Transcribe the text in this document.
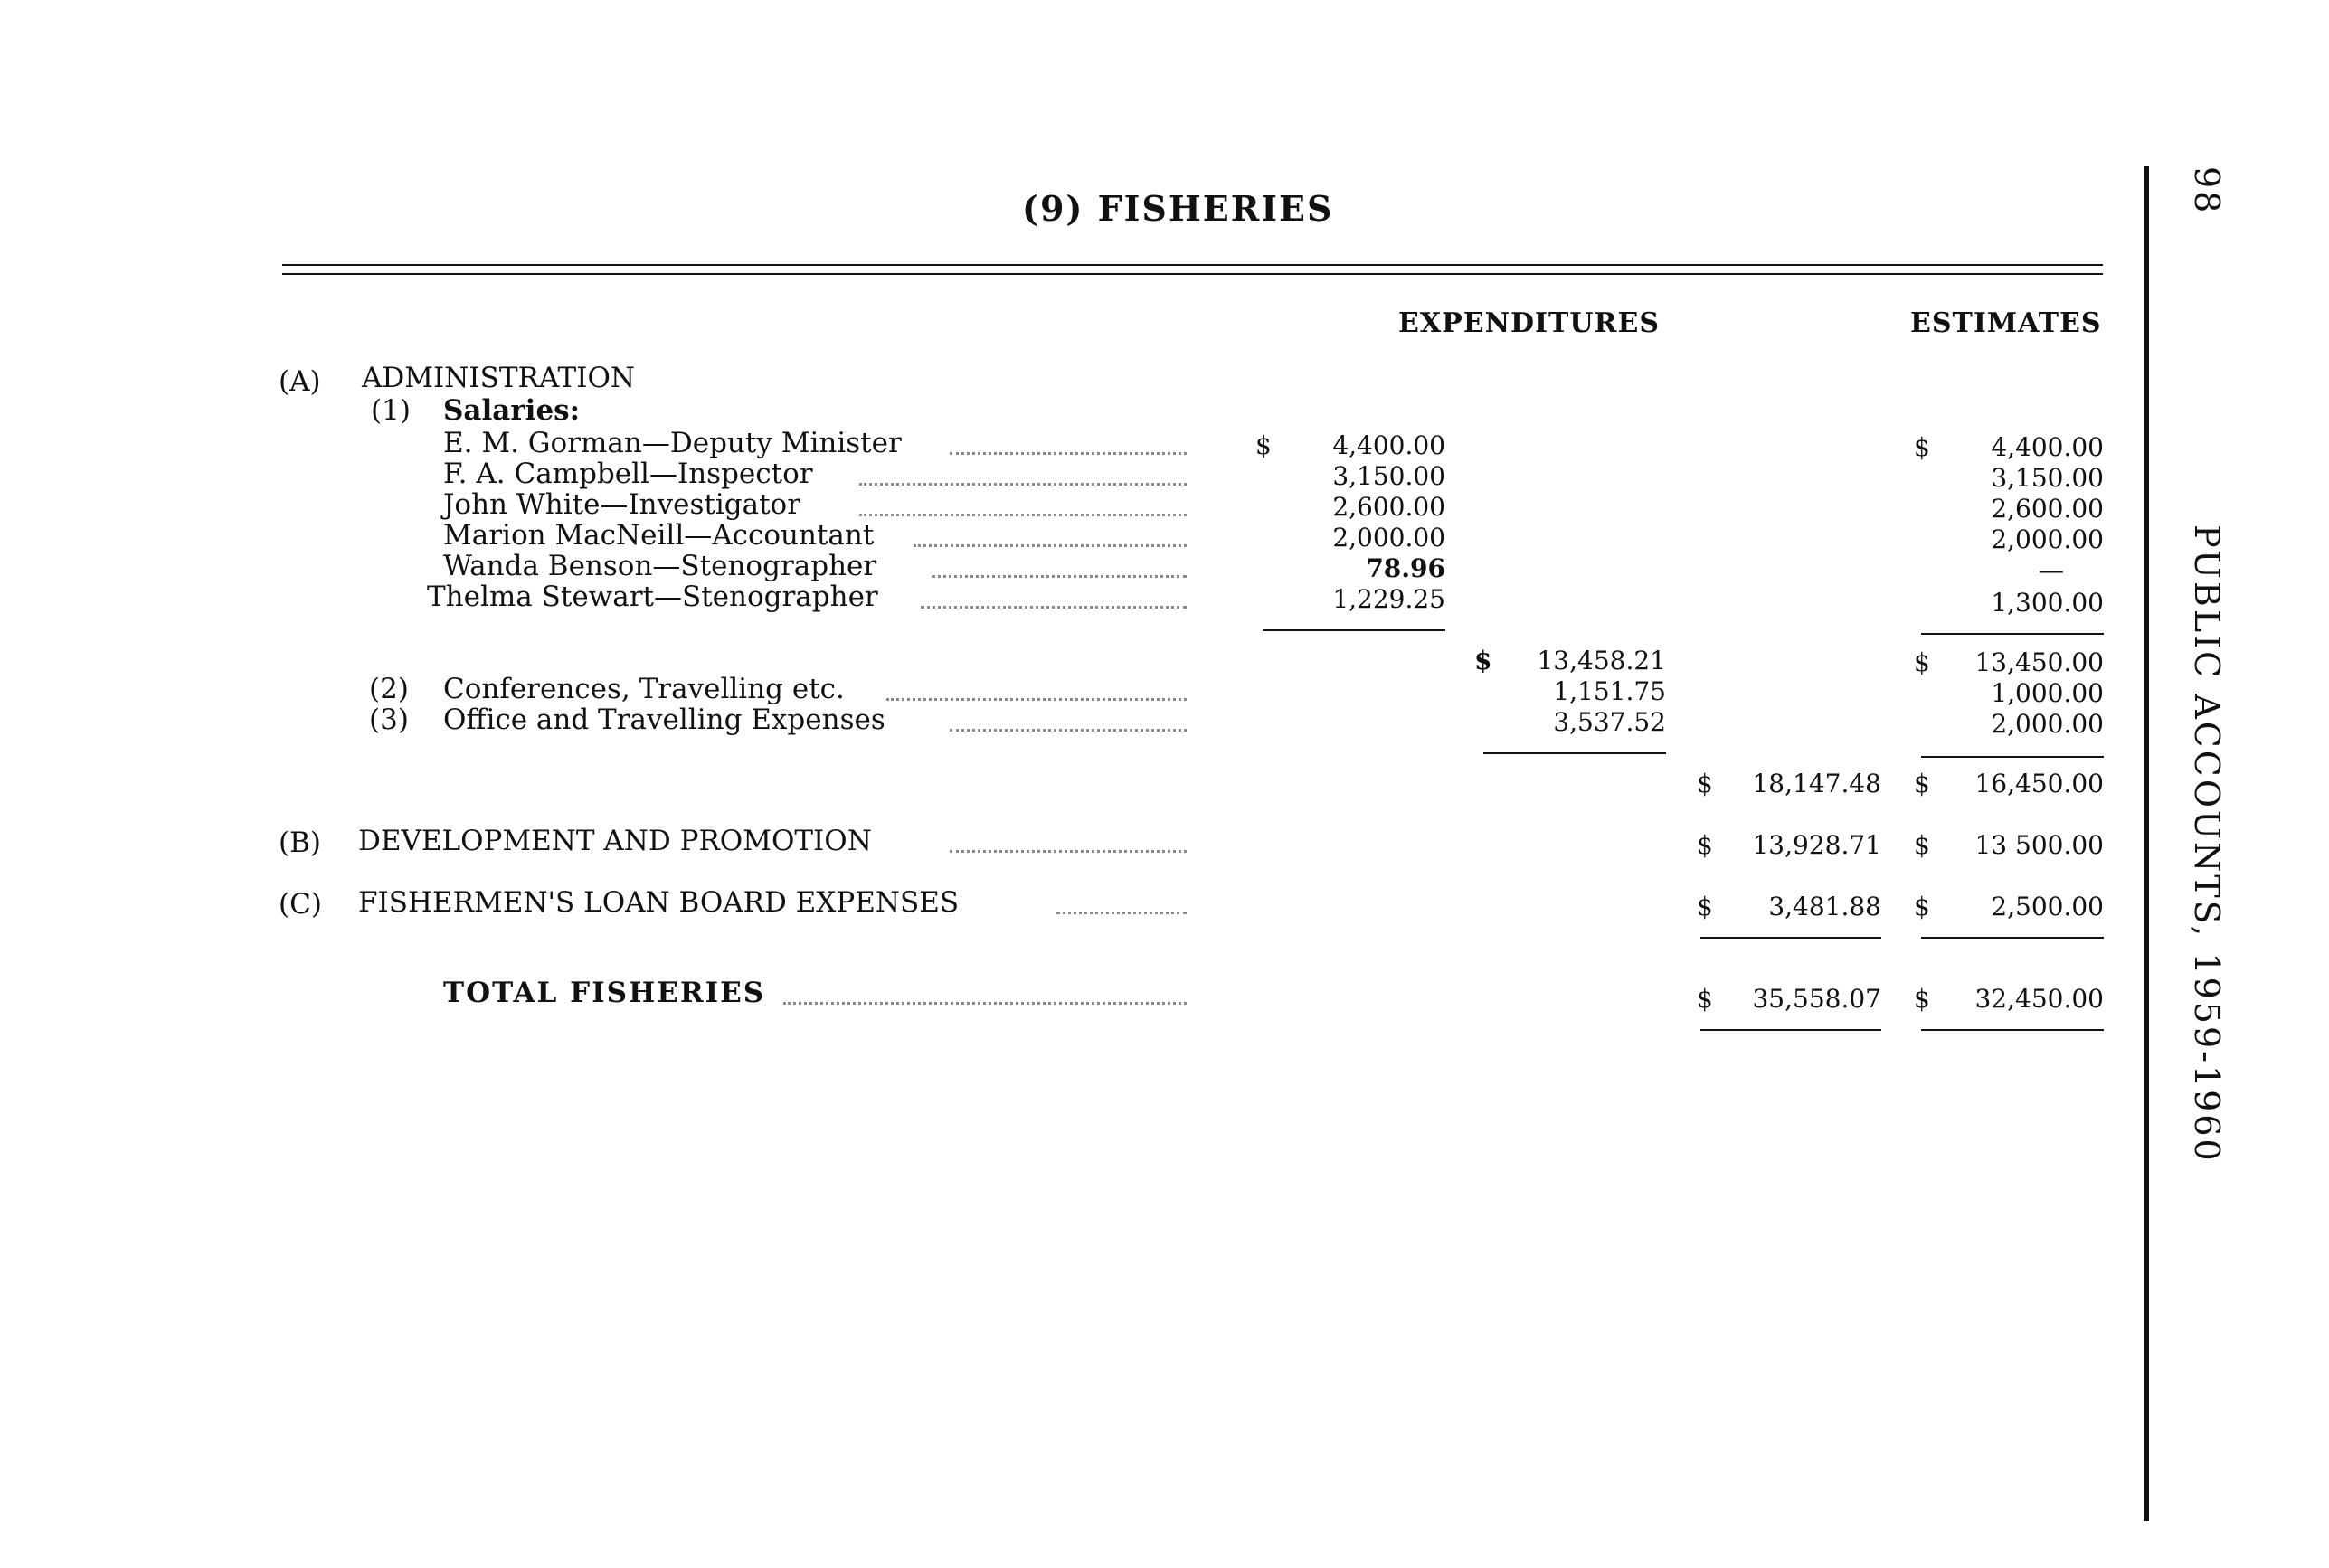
(9) FISHERIES
EXPENDITURES	ESTIMATES
(A) ADMINISTRATION
(1) Salaries:
E. M. Gorman—Deputy Minister	$	4,400.00	$	4,400.00
F. A. Campbell—Inspector	3,150.00	3,150.00
John White—Investigator	2,600.00	2,600.00
Marion MacNeill—Accountant	2,000.00	2,000.00
Wanda Benson—Stenographer	78.96	—
Thelma Stewart—Stenographer	1,229.25	1,300.00
$	13,458.21	$	13,450.00
(2) Conferences, Travelling etc.	1,151.75	1,000.00
(3) Office and Travelling Expenses	3,537.52	2,000.00
$	18,147.48 $	16,450.00
(B) DEVELOPMENT AND PROMOTION	$	13,928.71 $	13 500.00
(C) FISHERMEN'S LOAN BOARD EXPENSES	$	3,481.88 $	2,500.00
TOTAL FISHERIES	$	35,558.07 $	32,450.00
98
PUBLIC ACCOUNTS, 1959-1960
